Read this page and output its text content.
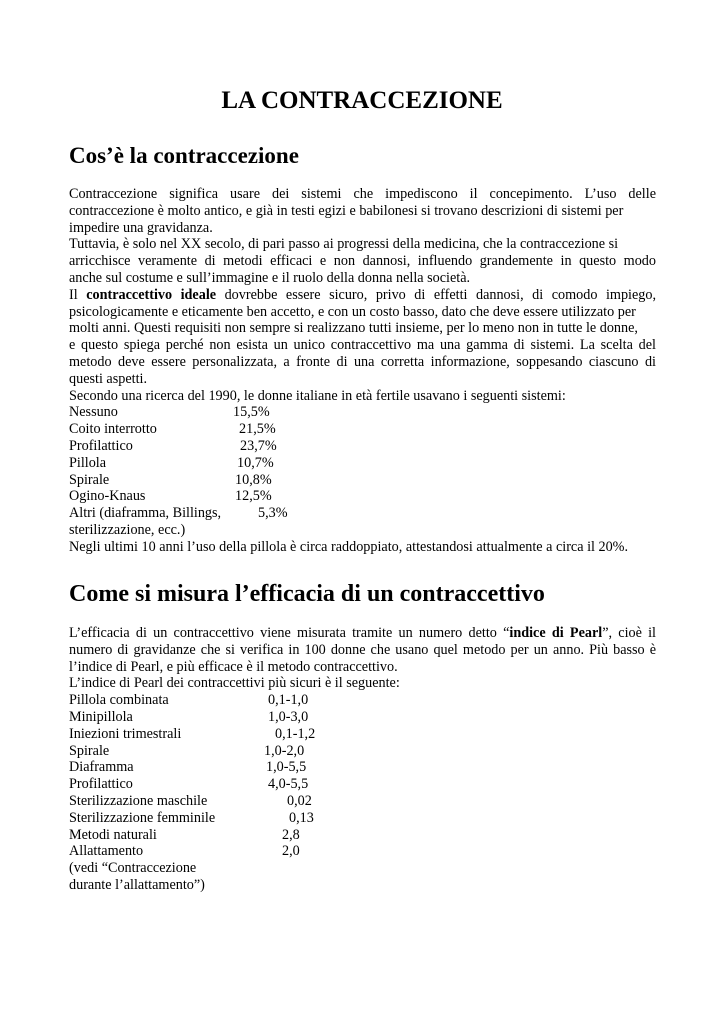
LA CONTRACCEZIONE
Cos’è la contraccezione
Contraccezione significa usare dei sistemi che impediscono il concepimento. L’uso delle
contraccezione è molto antico, e già in testi egizi e babilonesi si trovano descrizioni di sistemi per
impedire una gravidanza.
Tuttavia, è solo nel XX secolo, di pari passo ai progressi della medicina, che la contraccezione si
arricchisce veramente di metodi efficaci e non dannosi, influendo grandemente in questo modo
anche sul costume e sull’immagine e il ruolo della donna nella società.
Il contraccettivo ideale dovrebbe essere sicuro, privo di effetti dannosi, di comodo impiego,
psicologicamente e eticamente ben accetto, e con un costo basso, dato che deve essere utilizzato per
molti anni. Questi requisiti non sempre si realizzano tutti insieme, per lo meno non in tutte le donne,
e questo spiega perché non esista un unico contraccettivo ma una gamma di sistemi. La scelta del
metodo deve essere personalizzata, a fronte di una corretta informazione, soppesando ciascuno di
questi aspetti.
Secondo una ricerca del 1990, le donne italiane in età fertile usavano i seguenti sistemi:
Nessuno	15,5%
Coito interrotto	21,5%
Profilattico	23,7%
Pillola	10,7%
Spirale	10,8%
Ogino-Knaus	12,5%
Altri (diaframma, Billings,	5,3%
sterilizzazione, ecc.)
Negli ultimi 10 anni l’uso della pillola è circa raddoppiato, attestandosi attualmente a circa il 20%.
Come si misura l’efficacia di un contraccettivo
L’efficacia di un contraccettivo viene misurata tramite un numero detto “indice di Pearl”, cioè il
numero di gravidanze che si verifica in 100 donne che usano quel metodo per un anno. Più basso è
l’indice di Pearl, e più efficace è il metodo contraccettivo.
L’indice di Pearl dei contraccettivi più sicuri è il seguente:
Pillola combinata	0,1-1,0
Minipillola	1,0-3,0
Iniezioni trimestrali	0,1-1,2
Spirale	1,0-2,0
Diaframma	1,0-5,5
Profilattico	4,0-5,5
Sterilizzazione maschile	0,02
Sterilizzazione femminile	0,13
Metodi naturali	2,8
Allattamento	2,0
(vedi “Contraccezione
durante l’allattamento”)
